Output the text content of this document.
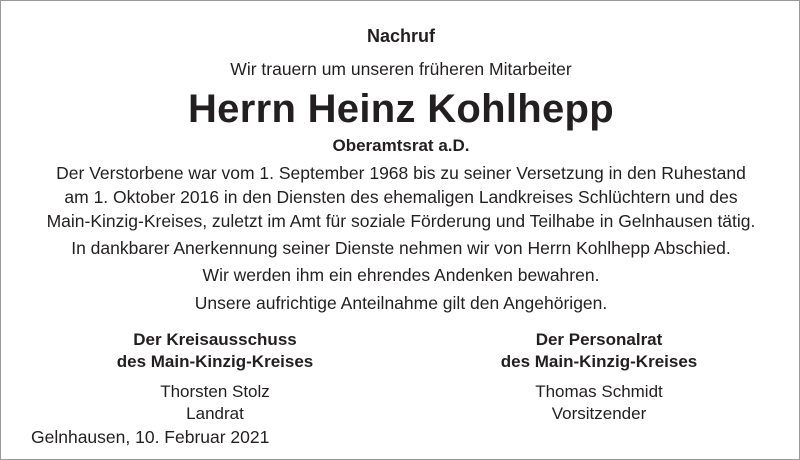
Nachruf
Wir trauern um unseren früheren Mitarbeiter
Herrn Heinz Kohlhepp
Oberamtsrat a.D.
Der Verstorbene war vom 1. September 1968 bis zu seiner Versetzung in den Ruhestand
am 1. Oktober 2016 in den Diensten des ehemaligen Landkreises Schlüchtern und des
Main-Kinzig-Kreises, zuletzt im Amt für soziale Förderung und Teilhabe in Gelnhausen tätig.
In dankbarer Anerkennung seiner Dienste nehmen wir von Herrn Kohlhepp Abschied.
Wir werden ihm ein ehrendes Andenken bewahren.
Unsere aufrichtige Anteilnahme gilt den Angehörigen.
Der Kreisausschuss
des Main-Kinzig-Kreises
Thorsten Stolz
Landrat
Der Personalrat
des Main-Kinzig-Kreises
Thomas Schmidt
Vorsitzender
Gelnhausen, 10. Februar 2021
